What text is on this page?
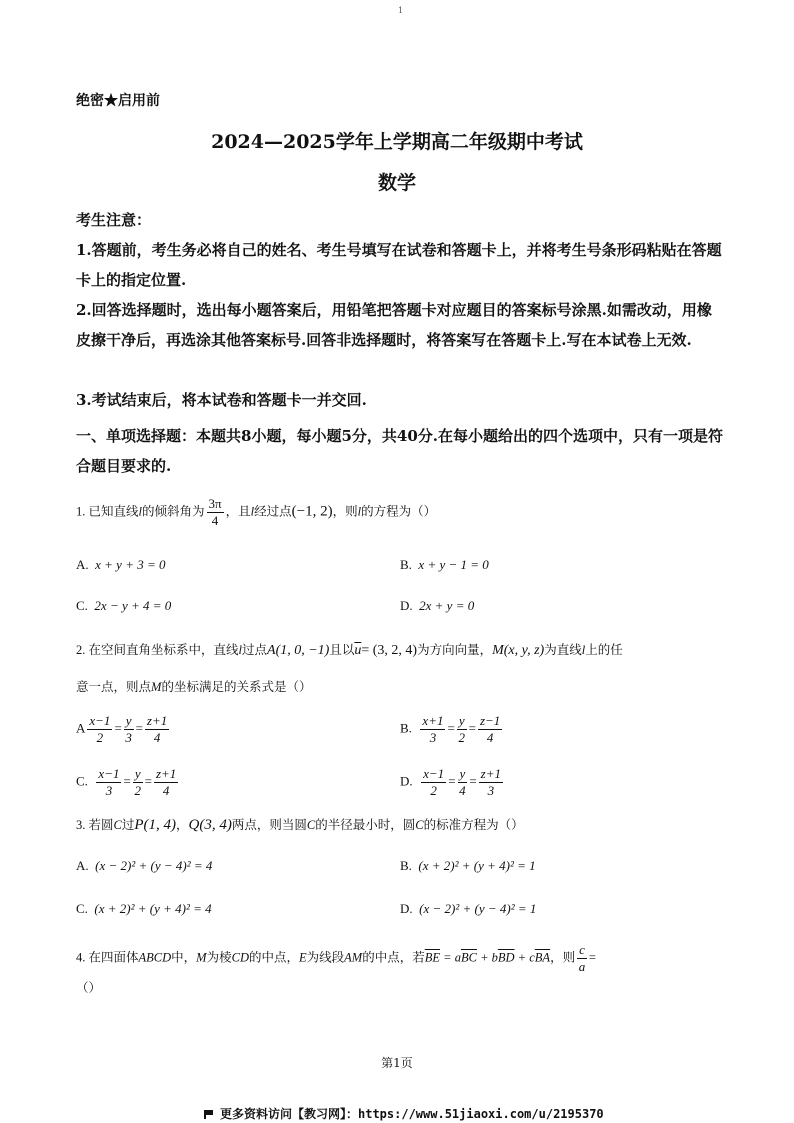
1
绝密★启用前
2024—2025学年上学期高二年级期中考试
数学
考生注意：
1.答题前，考生务必将自己的姓名、考生号填写在试卷和答题卡上，并将考生号条形码粘贴在答题卡上的指定位置.
2.回答选择题时，选出每小题答案后，用铅笔把答题卡对应题目的答案标号涂黑.如需改动，用橡皮擦干净后，再选涂其他答案标号.回答非选择题时，将答案写在答题卡上.写在本试卷上无效.
3.考试结束后，将本试卷和答题卡一并交回.
一、单项选择题：本题共8小题，每小题5分，共40分.在每小题给出的四个选项中，只有一项是符合题目要求的.
1. 已知直线l的倾斜角为 $\frac{3\pi}{4}$ ，且l经过点(−1, 2)，则l的方程为（）
A. x + y + 3 = 0	B. x + y − 1 = 0
C. 2x − y + 4 = 0	D. 2x + y = 0
2. 在空间直角坐标系中，直线l过点A(1, 0, −1)且以$\overline{u}= (3$, 2, 4)为方向向量，M(x, y, z)为直线l上的任
意一点，则点M的坐标满足的关系式是（）
A $\frac{x-1}{2} = \frac{y}{3} = \frac{z+1}{4}$	B. $\frac{x+1}{3} = \frac{y}{2} = \frac{z-1}{4}$
C. $\frac{x-1}{3} = \frac{y}{2} = \frac{z+1}{4}$	D. $\frac{x-1}{2} = \frac{y}{4} = \frac{z+1}{3}$
3. 若圆C过P(1, 4)，Q(3, 4)两点，则当圆C的半径最小时，圆C的标准方程为（）
A. (x − 2)² + (y − 4)² = 4	B. (x + 2)² + (y + 4)² = 1
C. (x + 2)² + (y + 4)² = 4	D. (x − 2)² + (y − 4)² = 1
4. 在四面体ABCD中，M为棱CD的中点，E为线段AM的中点，若$\overline{BE} = a\overline{BC} + b\overline{BD} + c\overline{BA}$，则 $\frac{c}{a}$ =
（）
第1页
更多资料访问【教习网】：https://www.51jiaoxi.com/u/2195370
